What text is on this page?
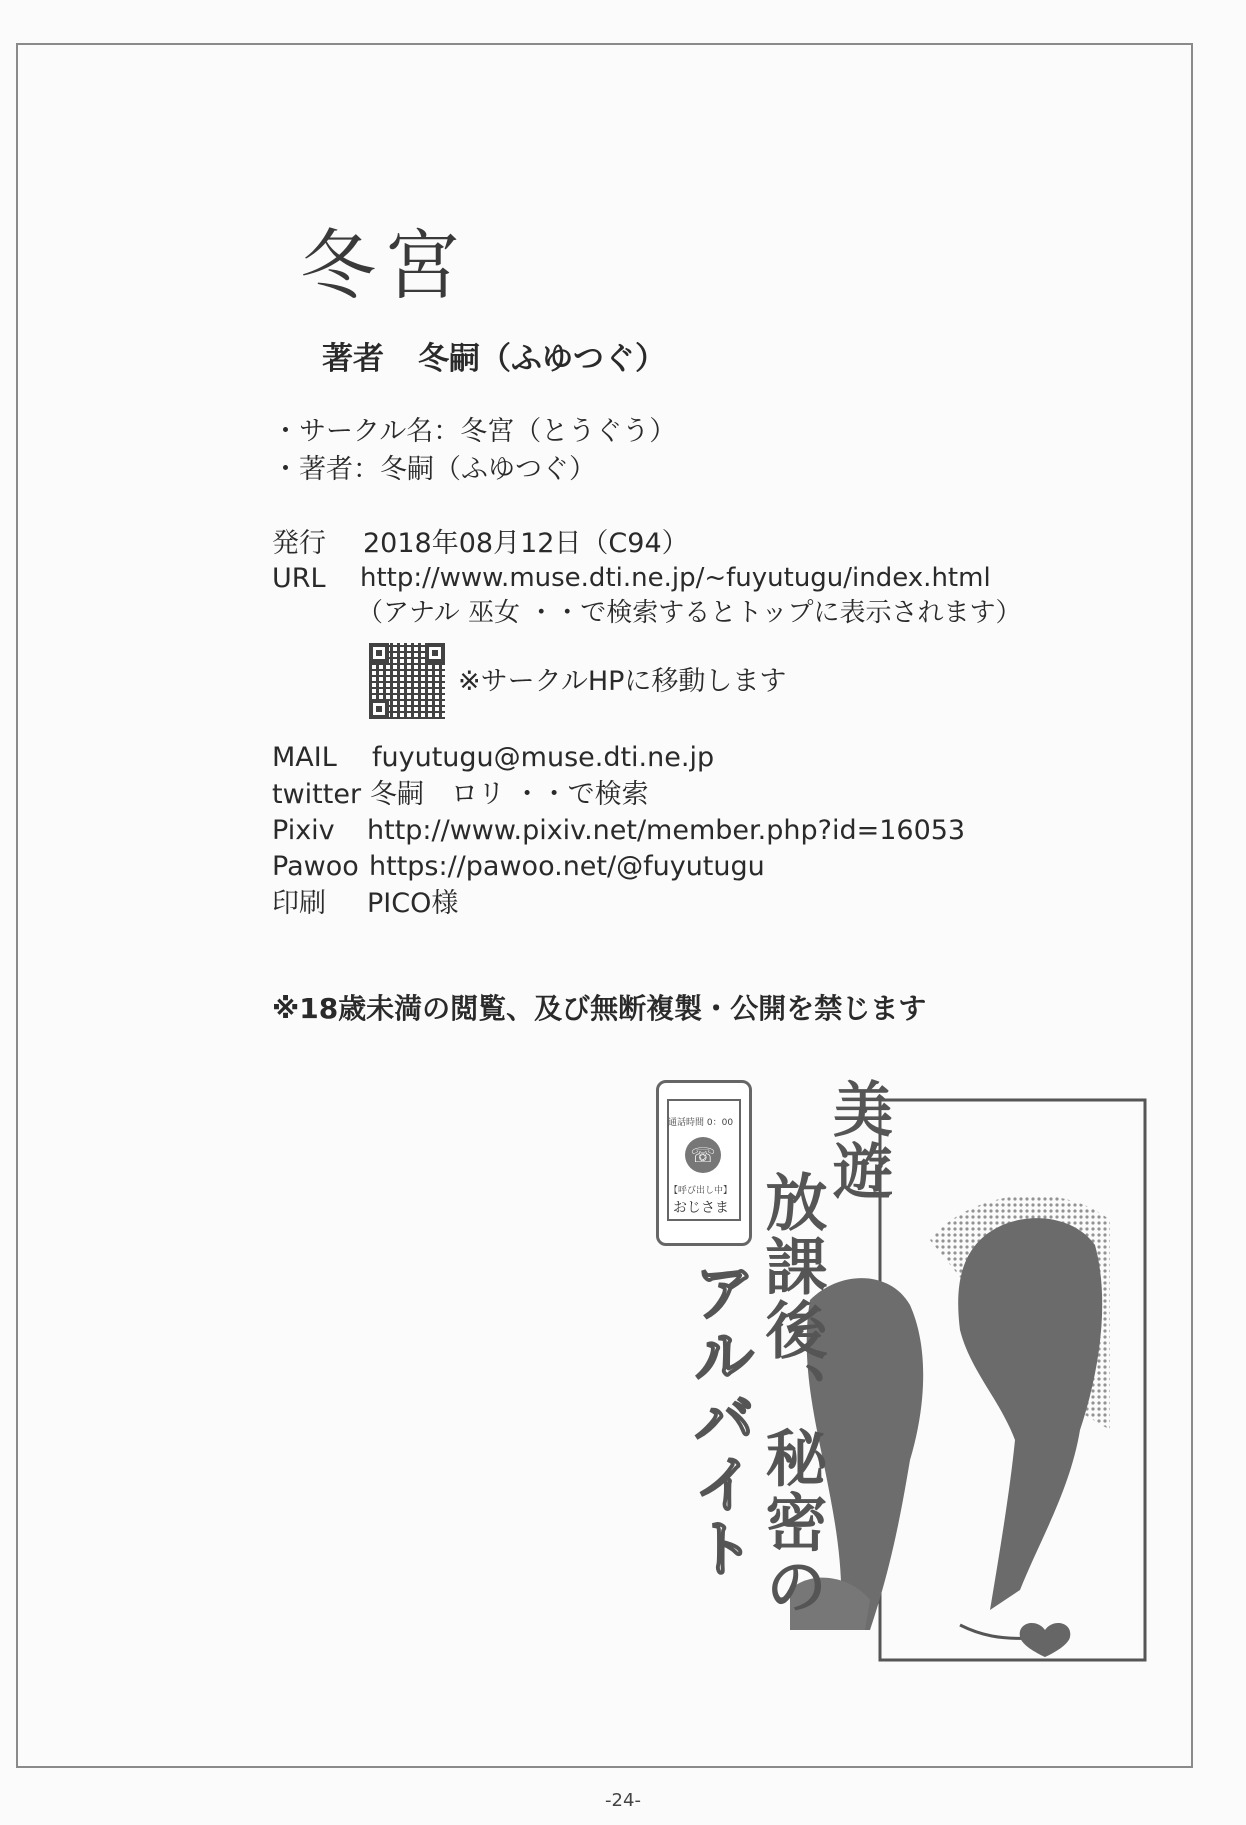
冬宮
著者 冬嗣（ふゆつぐ）
・サークル名：冬宮（とうぐう）
・著者：冬嗣（ふゆつぐ）
発行 2018年08月12日（C94）
URL http://www.muse.dti.ne.jp/~fuyutugu/index.html
（アナル 巫女 ・・で検索するとトップに表示されます）
※サークルHPに移動します
MAIL fuyutugu@muse.dti.ne.jp
twitter 冬嗣　ロリ ・・で検索
Pixiv http://www.pixiv.net/member.php?id=16053
Pawoo https://pawoo.net/@fuyutugu
印刷 PICO様
※18歳未満の閲覧、及び無断複製・公開を禁じます
通話時間 0：00
☏
【呼び出し中】
おじさま
美遊
放課後、秘密の
アルバイト
-24-
